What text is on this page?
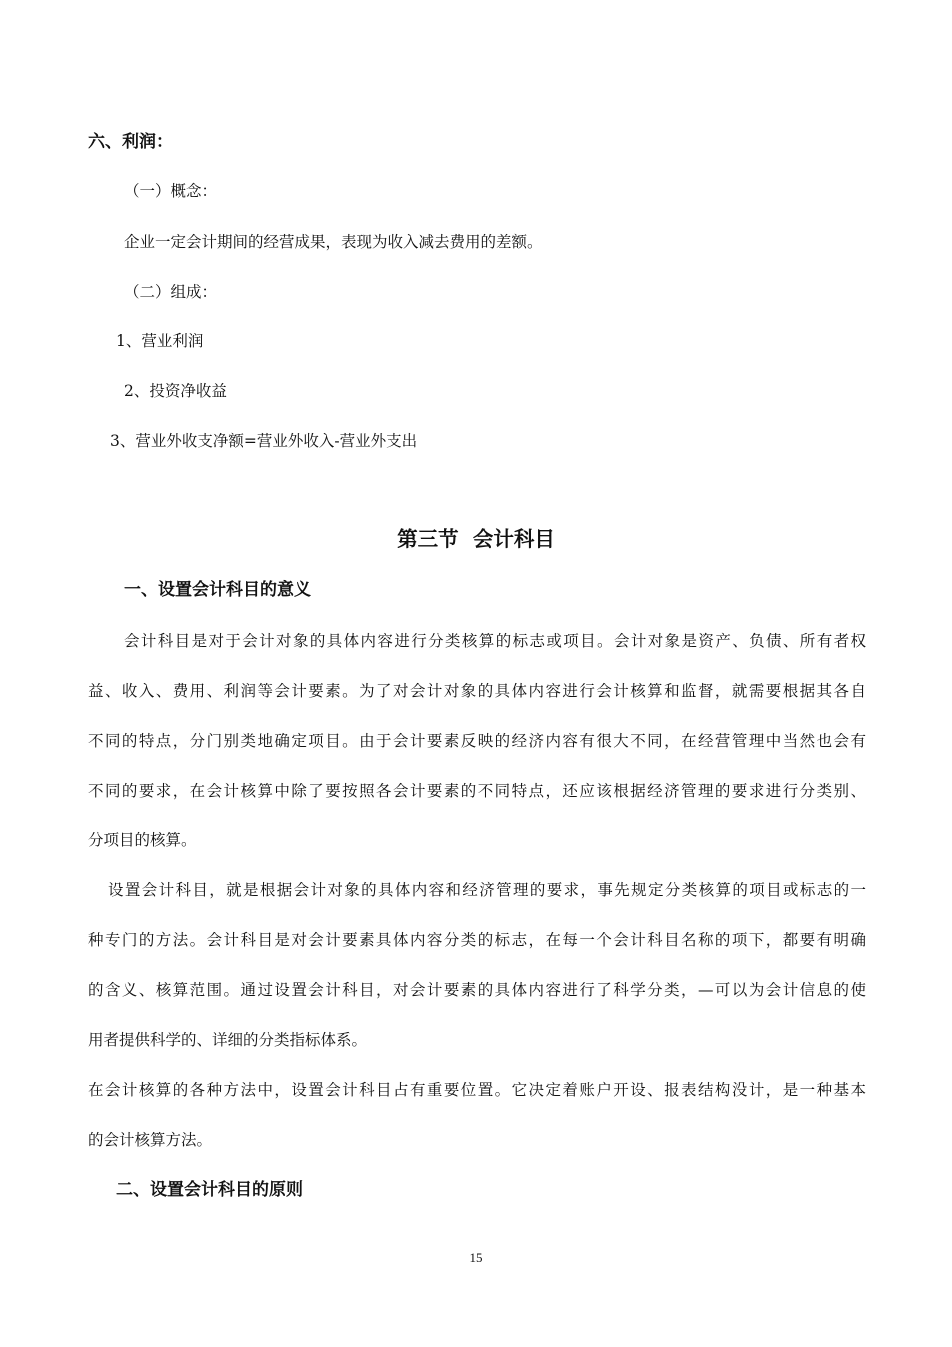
六、利润：
（一）概念：
企业一定会计期间的经营成果，表现为收入减去费用的差额。
（二）组成：
1、营业利润
2、投资净收益
3、营业外收支净额=营业外收入-营业外支出
第三节  会计科目
一、设置会计科目的意义
会计科目是对于会计对象的具体内容进行分类核算的标志或项目。会计对象是资产、负债、所有者权
益、收入、费用、利润等会计要素。为了对会计对象的具体内容进行会计核算和监督，就需要根据其各自
不同的特点，分门别类地确定项目。由于会计要素反映的经济内容有很大不同，在经营管理中当然也会有
不同的要求，在会计核算中除了要按照各会计要素的不同特点，还应该根据经济管理的要求进行分类别、
分项目的核算。
设置会计科目，就是根据会计对象的具体内容和经济管理的要求，事先规定分类核算的项目或标志的一
种专门的方法。会计科目是对会计要素具体内容分类的标志，在每一个会计科目名称的项下，都要有明确
的含义、核算范围。通过设置会计科目，对会计要素的具体内容进行了科学分类，—可以为会计信息的使
用者提供科学的、详细的分类指标体系。
在会计核算的各种方法中，设置会计科目占有重要位置。它决定着账户开设、报表结构没计，是一种基本
的会计核算方法。
二、设置会计科目的原则
15
